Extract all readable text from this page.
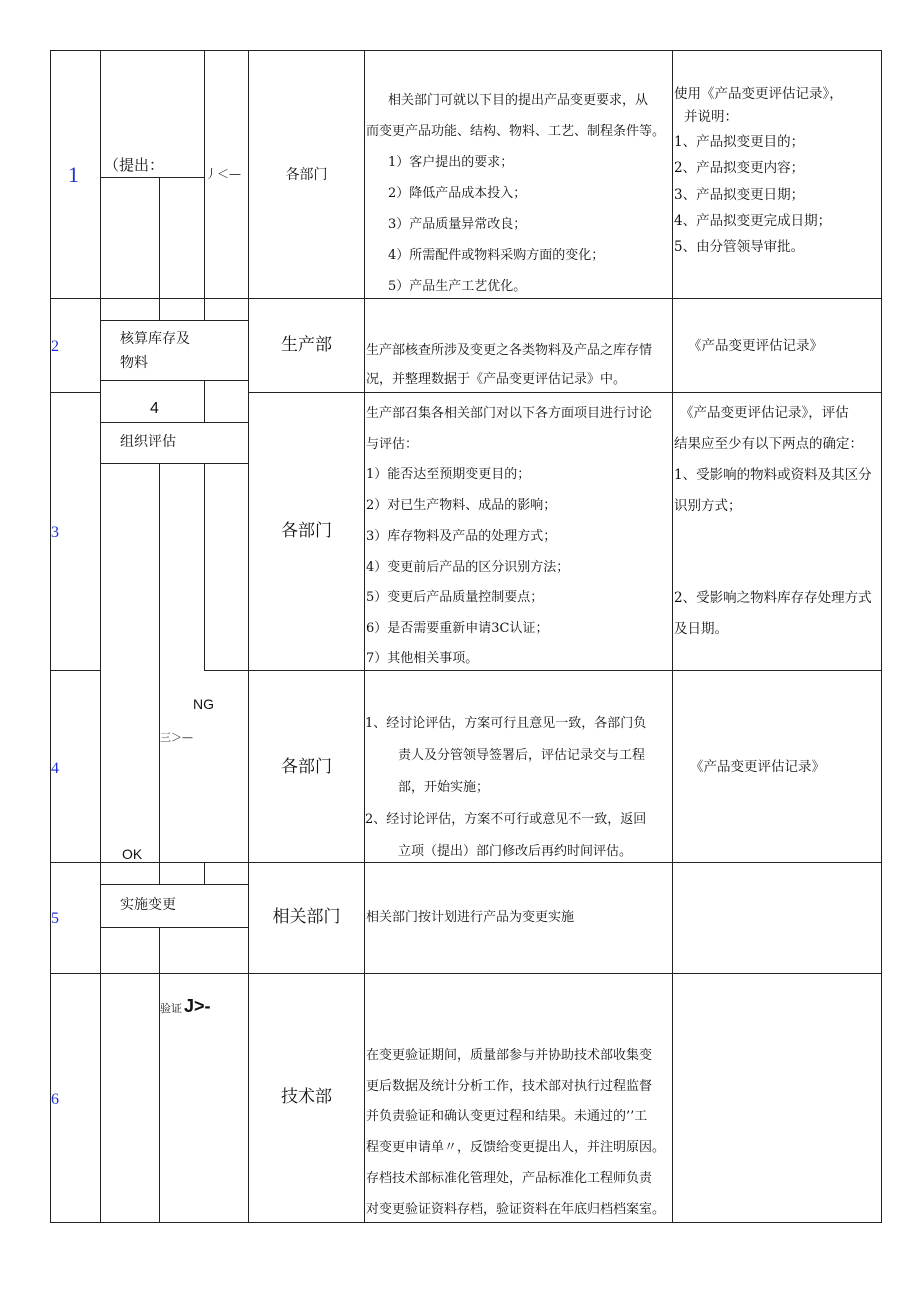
1
2
3
4
5
6
（提出：	丿＜—
核算库存及
物料
4
组织评估
NG
三＞—
OK
实施变更
验证 J>-
各部门
生产部
各部门
各部门
相关部门
技术部
相关部门可就以下目的提出产品变更要求，从
而变更产品功能、结构、物料、工艺、制程条件等。
1）客户提出的要求；
2）降低产品成本投入；
3）产品质量异常改良；
4）所需配件或物料采购方面的变化；
5）产品生产工艺优化。
使用《产品变更评估记录》，
并说明：
1、产品拟变更目的；
2、产品拟变更内容；
3、产品拟变更日期；
4、产品拟变更完成日期；
5、由分管领导审批。
生产部核查所涉及变更之各类物料及产品之库存情
况，并整理数据于《产品变更评估记录》中。
《产品变更评估记录》
生产部召集各相关部门对以下各方面项目进行讨论
与评估：
1）能否达至预期变更目的；
2）对已生产物料、成品的影响；
3）库存物料及产品的处理方式；
4）变更前后产品的区分识别方法；
5）变更后产品质量控制要点；
6）是否需要重新申请3C认证；
7）其他相关事项。
《产品变更评估记录》，评估
结果应至少有以下两点的确定：
1、受影响的物料或资料及其区分
识别方式；
2、受影响之物料库存存处理方式
及日期。
1、经讨论评估，方案可行且意见一致，各部门负
责人及分管领导签署后，评估记录交与工程
部，开始实施；
2、经讨论评估，方案不可行或意见不一致，返回
立项（提出）部门修改后再约时间评估。
《产品变更评估记录》
相关部门按计划进行产品为变更实施
在变更验证期间，质量部参与并协助技术部收集变
更后数据及统计分析工作，技术部对执行过程监督
并负责验证和确认变更过程和结果。未通过的’’工
程变更申请单〃，反馈给变更提出人，并注明原因。
存档技术部标准化管理处，产品标准化工程师负责
对变更验证资料存档，验证资料在年底归档档案室。
